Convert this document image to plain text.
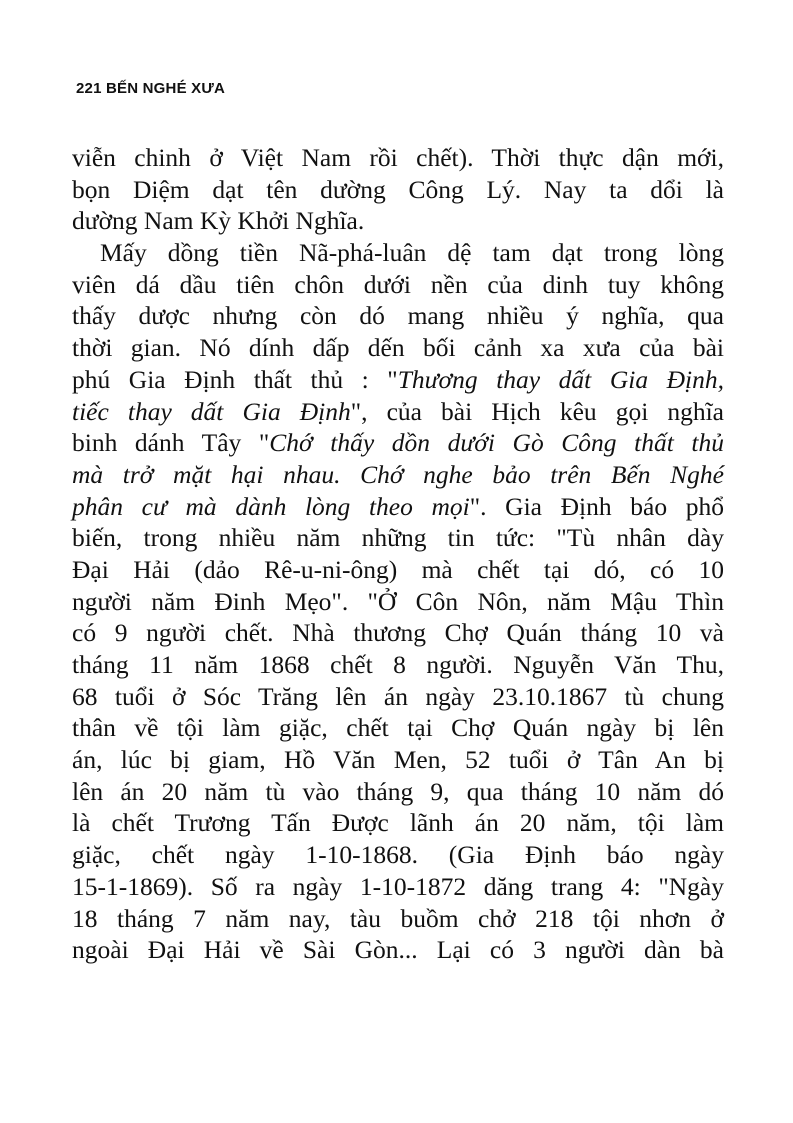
221 BẾN NGHÉ XƯA
viễn chinh ở Việt Nam rồi chết). Thời thực dận mới,
bọn Diệm dạt tên dường Công Lý. Nay ta dổi là
dường Nam Kỳ Khởi Nghĩa.
Mấy dồng tiền Nã-phá-luân dệ tam dạt trong lòng
viên dá dầu tiên chôn dưới nền của dinh tuy không
thấy dược nhưng còn dó mang nhiều ý nghĩa, qua
thời gian. Nó dính dấp dến bối cảnh xa xưa của bài
phú Gia Định thất thủ : "Thương thay dất Gia Định,
tiếc thay dất Gia Định", của bài Hịch kêu gọi nghĩa
binh dánh Tây "Chớ thấy dồn dưới Gò Công thất thủ
mà trở mặt hại nhau. Chớ nghe bảo trên Bến Nghé
phân cư mà dành lòng theo mọi". Gia Định báo phổ
biến, trong nhiều năm những tin tức: "Tù nhân dày
Đại Hải (dảo Rê-u-ni-ông) mà chết tại dó, có 10
người năm Đinh Mẹo". "Ở Côn Nôn, năm Mậu Thìn
có 9 người chết. Nhà thương Chợ Quán tháng 10 và
tháng 11 năm 1868 chết 8 người. Nguyễn Văn Thu,
68 tuổi ở Sóc Trăng lên án ngày 23.10.1867 tù chung
thân về tội làm giặc, chết tại Chợ Quán ngày bị lên
án, lúc bị giam, Hồ Văn Men, 52 tuổi ở Tân An bị
lên án 20 năm tù vào tháng 9, qua tháng 10 năm dó
là chết Trương Tấn Được lãnh án 20 năm, tội làm
giặc, chết ngày 1-10-1868. (Gia Định báo ngày
15-1-1869). Số ra ngày 1-10-1872 dăng trang 4: "Ngày
18 tháng 7 năm nay, tàu buồm chở 218 tội nhơn ở
ngoài Đại Hải về Sài Gòn... Lại có 3 người dàn bà
